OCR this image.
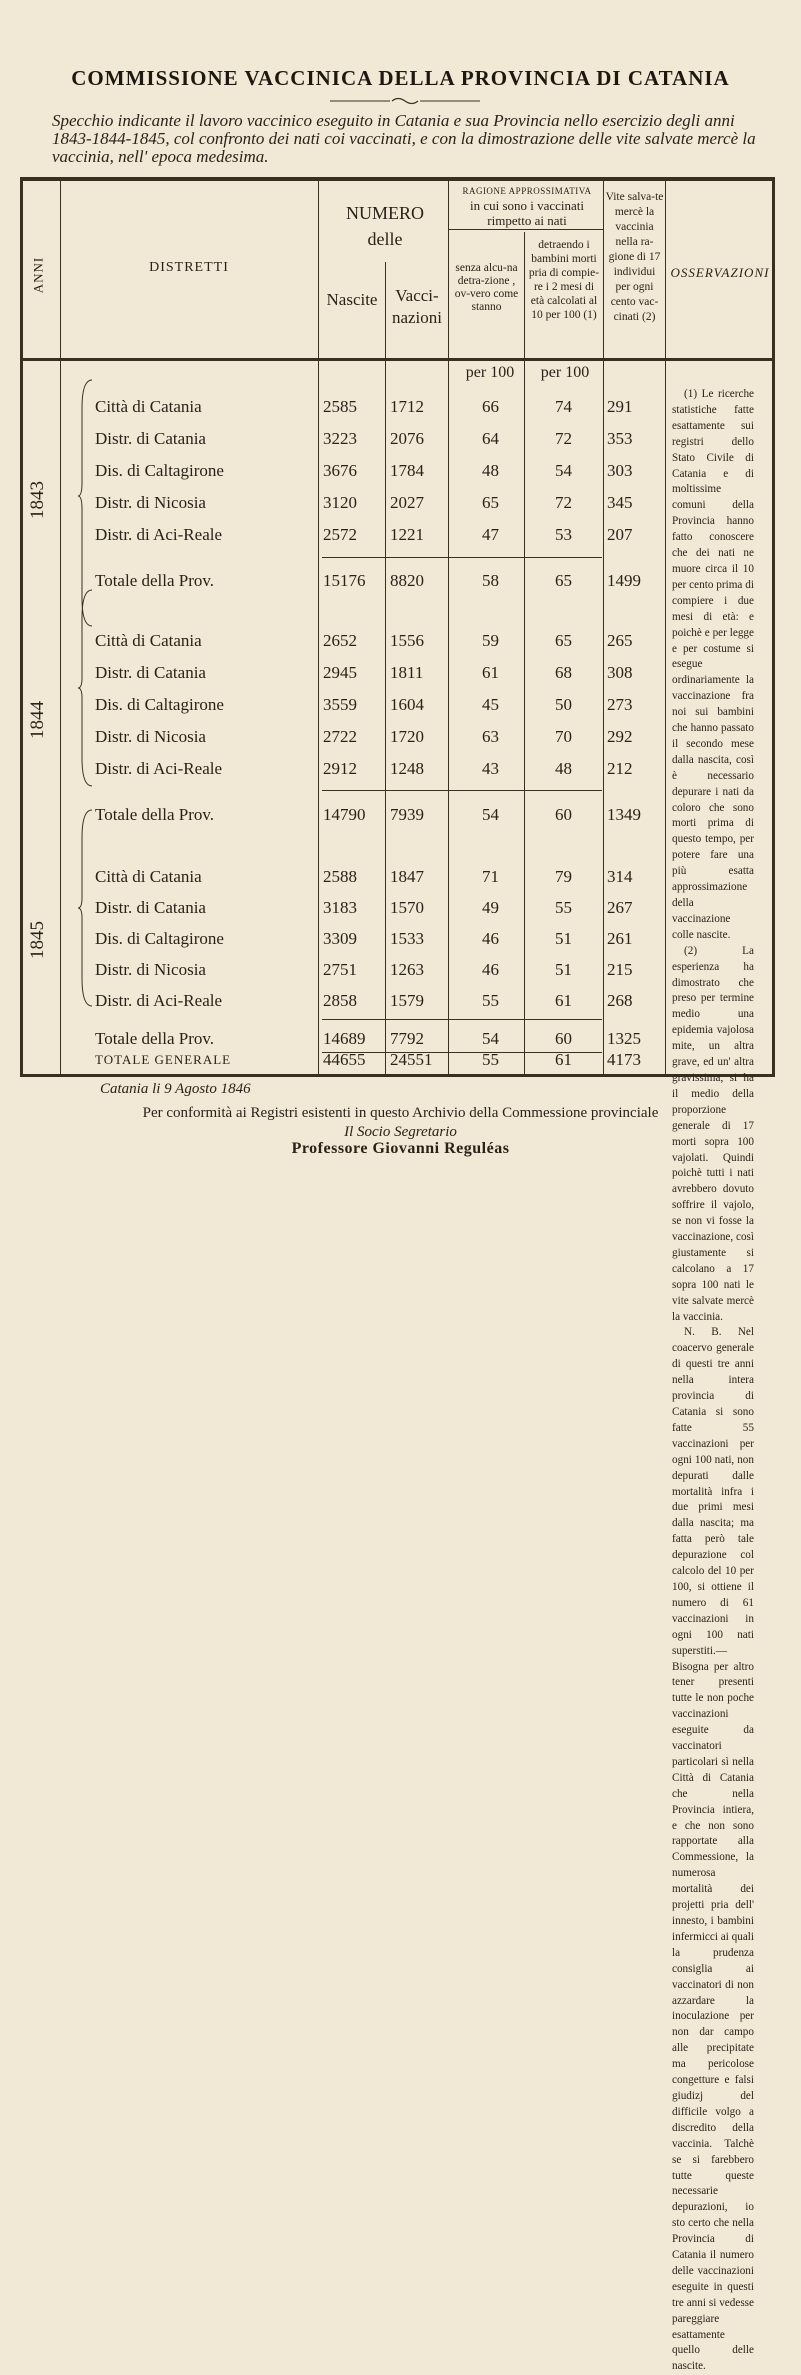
COMMISSIONE VACCINICA DELLA PROVINCIA DI CATANIA
Specchio indicante il lavoro vaccinico eseguito in Catania e sua Provincia nello esercizio degli anni 1843-1844-1845, col confronto dei nati coi vaccinati, e con la dimostrazione delle vite salvate mercè la vaccinia, nell' epoca medesima.
ANNI	DISTRETTI
NUMERO delle
Nascite	Vacci-nazioni
RAGIONE APPROSSIMATIVA
in cui sono i vaccinati rimpetto ai nati
senza alcu-na detra-zione , ov-vero come stanno
detraendo i bambini morti pria di compie-re i 2 mesi di età calcolati al 10 per 100 (1)
Vite salva-te mercè la vaccinia nella ra-gione di 17 individui per ogni cento vac-cinati (2)
OSSERVAZIONI
per 100	per 100
1843
1844
1845
Città di Catania	2585	1712	66	74	291
Distr. di Catania	3223	2076	64	72	353
Dis. di Caltagirone	3676	1784	48	54	303
Distr. di Nicosia	3120	2027	65	72	345
Distr. di Aci-Reale	2572	1221	47	53	207
Totale della Prov.	15176	8820	58	65	1499
Città di Catania	2652	1556	59	65	265
Distr. di Catania	2945	1811	61	68	308
Dis. di Caltagirone	3559	1604	45	50	273
Distr. di Nicosia	2722	1720	63	70	292
Distr. di Aci-Reale	2912	1248	43	48	212
Totale della Prov.	14790	7939	54	60	1349
Città di Catania	2588	1847	71	79	314
Distr. di Catania	3183	1570	49	55	267
Dis. di Caltagirone	3309	1533	46	51	261
Distr. di Nicosia	2751	1263	46	51	215
Distr. di Aci-Reale	2858	1579	55	61	268
Totale della Prov.	14689	7792	54	60	1325

(1) Le ricerche statistiche fatte esattamente sui registri dello Stato Civile di Catania e di moltissime comuni della Provincia hanno fatto conoscere che dei nati ne muore circa il 10 per cento prima di compiere i due mesi di età: e poichè e per legge e per costume si esegue ordinariamente la vaccinazione fra noi sui bambini che hanno passato il secondo mese dalla nascita, così è necessario depurare i nati da coloro che sono morti prima di questo tempo, per potere fare una più esatta approssimazione della vaccinazione colle nascite.

(2) La esperienza ha dimostrato che preso per termine medio una epidemia vajolosa mite, un altra grave, ed un' altra gravissima, si ha il medio della proporzione generale di 17 morti sopra 100 vajolati. Quindi poichè tutti i nati avrebbero dovuto soffrire il vajolo, se non vi fosse la vaccinazione, così giustamente si calcolano a 17 sopra 100 nati le vite salvate mercè la vaccinia.

N. B. Nel coacervo generale di questi tre anni nella intera provincia di Catania si sono fatte 55 vaccinazioni per ogni 100 nati, non depurati dalle mortalità infra i due primi mesi dalla nascita; ma fatta però tale depurazione col calcolo del 10 per 100, si ottiene il numero di 61 vaccinazioni in ogni 100 nati superstiti.—Bisogna per altro tener presenti tutte le non poche vaccinazioni eseguite da vaccinatori particolari sì nella Città di Catania che nella Provincia intiera, e che non sono rapportate alla Commessione, la numerosa mortalità dei projetti pria dell' innesto, i bambini infermicci ai quali la prudenza consiglia ai vaccinatori di non azzardare la inoculazione per non dar campo alle precipitate ma pericolose congetture e falsi giudizj del difficile volgo a discredito della vaccinia. Talchè se si farebbero tutte queste necessarie depurazioni, io sto certo che nella Provincia di Catania il numero delle vaccinazioni eseguite in questi tre anni si vedesse pareggiare esattamente quello delle nascite.

TOTALE GENERALE	44655	24551	55	61	4173
Catania li 9 Agosto 1846
Per conformità ai Registri esistenti in questo Archivio della Commessione provinciale
Il Socio Segretario
Professore Giovanni Reguléas
